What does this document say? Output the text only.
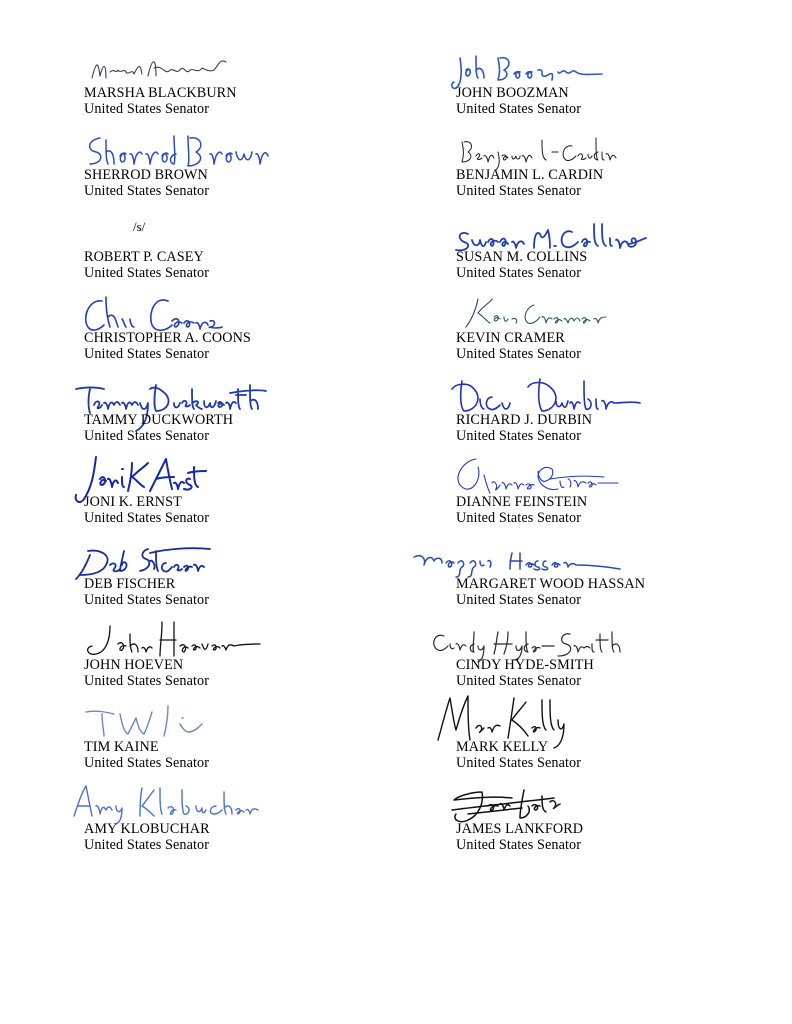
MARSHA BLACKBURN
United States Senator
JOHN BOOZMAN
United States Senator
SHERROD BROWN
United States Senator
BENJAMIN L. CARDIN
United States Senator
/s/
ROBERT P. CASEY
United States Senator
SUSAN M. COLLINS
United States Senator
CHRISTOPHER A. COONS
United States Senator
KEVIN CRAMER
United States Senator
TAMMY DUCKWORTH
United States Senator
RICHARD J. DURBIN
United States Senator
JONI K. ERNST
United States Senator
DIANNE FEINSTEIN
United States Senator
DEB FISCHER
United States Senator
MARGARET WOOD HASSAN
United States Senator
JOHN HOEVEN
United States Senator
CINDY HYDE-SMITH
United States Senator
TIM KAINE
United States Senator
MARK KELLY
United States Senator
AMY KLOBUCHAR
United States Senator
JAMES LANKFORD
United States Senator
